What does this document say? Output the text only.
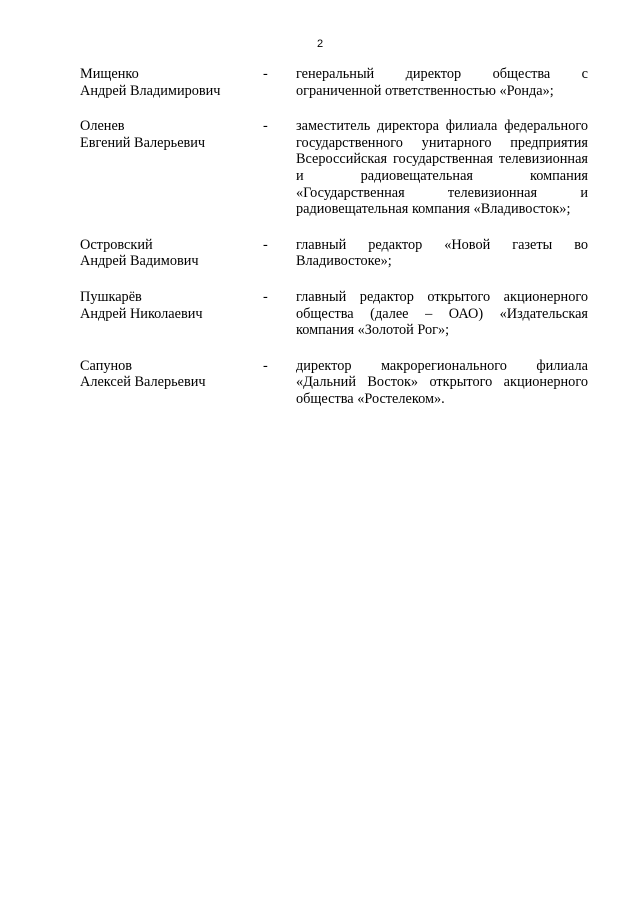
2
Мищенко
Андрей Владимирович
-	генеральный директор общества с ограниченной ответственностью «Ронда»;
Оленев
Евгений Валерьевич
-	заместитель директора филиала федерального государственного унитарного предприятия Всероссийская государственная телевизионная и радиовещательная компания «Государственная телевизионная и радиовещательная компания «Владивосток»;
Островский
Андрей Вадимович
-	главный редактор «Новой газеты во Владивостоке»;
Пушкарёв
Андрей Николаевич
-	главный редактор открытого акционерного общества (далее – ОАО) «Издательская компания «Золотой Рог»;
Сапунов
Алексей Валерьевич
-	директор макрорегионального филиала «Дальний Восток» открытого акционерного общества «Ростелеком».
